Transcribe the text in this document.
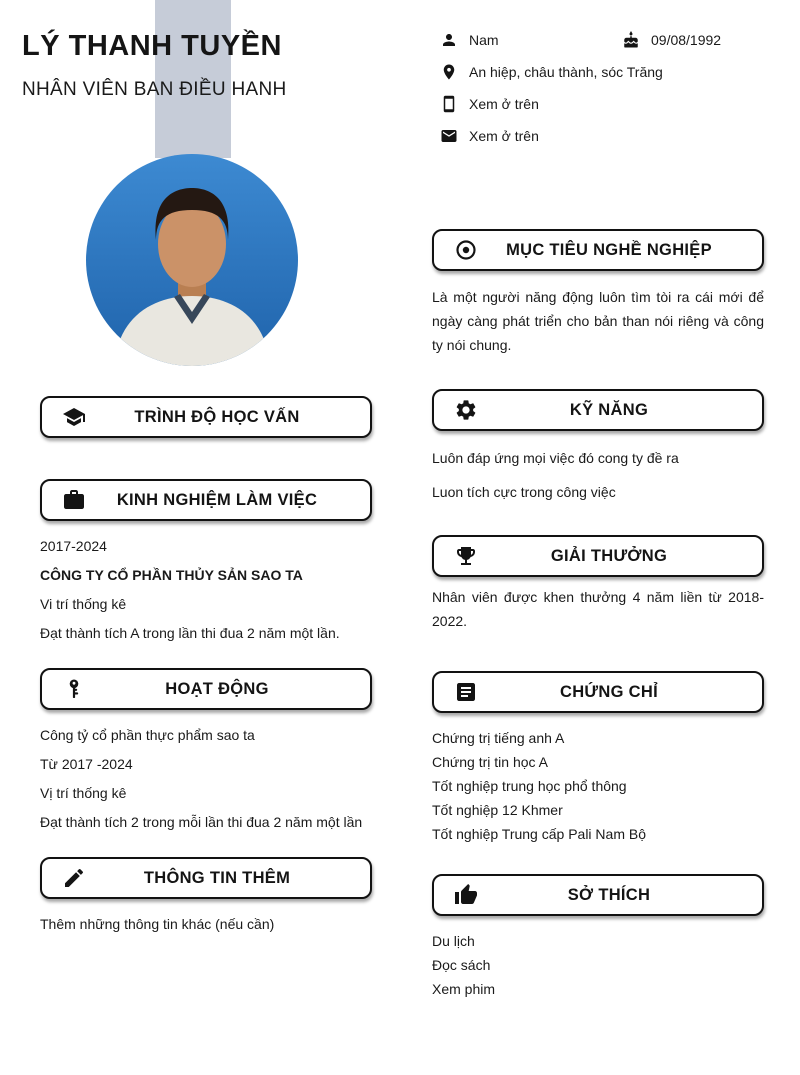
LÝ THANH TUYỀN
NHÂN VIÊN BAN ĐIỀU HANH
Nam	09/08/1992
An hiệp, châu thành, sóc Trăng
Xem ở trên
Xem ở trên
TRÌNH ĐỘ HỌC VẤN
KINH NGHIỆM LÀM VIỆC
2017-2024
CÔNG TY CỔ PHẦN THỦY SẢN SAO TA
Vi trí thống kê
Đạt thành tích A trong lần thi đua 2 năm một lần.
HOẠT ĐỘNG
Công tỷ cổ phần thực phẩm sao ta
Từ 2017 -2024
Vị trí thống kê
Đạt thành tích 2 trong mỗi lần thi đua 2 năm một lần
THÔNG TIN THÊM
Thêm những thông tin khác (nếu cần)
MỤC TIÊU NGHỀ NGHIỆP

Là một người năng động luôn tìm tòi ra cái mới để ngày càng phát triển cho bản than nói riêng và công ty nói chung.

KỸ NĂNG
Luôn đáp ứng mọi việc đó cong ty đề ra
Luon tích cực trong công việc
GIẢI THƯỞNG

Nhân viên được khen thưởng 4 năm liền từ 2018-2022.

CHỨNG CHỈ
Chứng trị tiếng anh A
Chứng trị tin học A
Tốt nghiệp trung học phổ thông
Tốt nghiệp 12 Khmer
Tốt nghiệp Trung cấp Pali Nam Bộ
SỞ THÍCH
Du lịch
Đọc sách
Xem phim
